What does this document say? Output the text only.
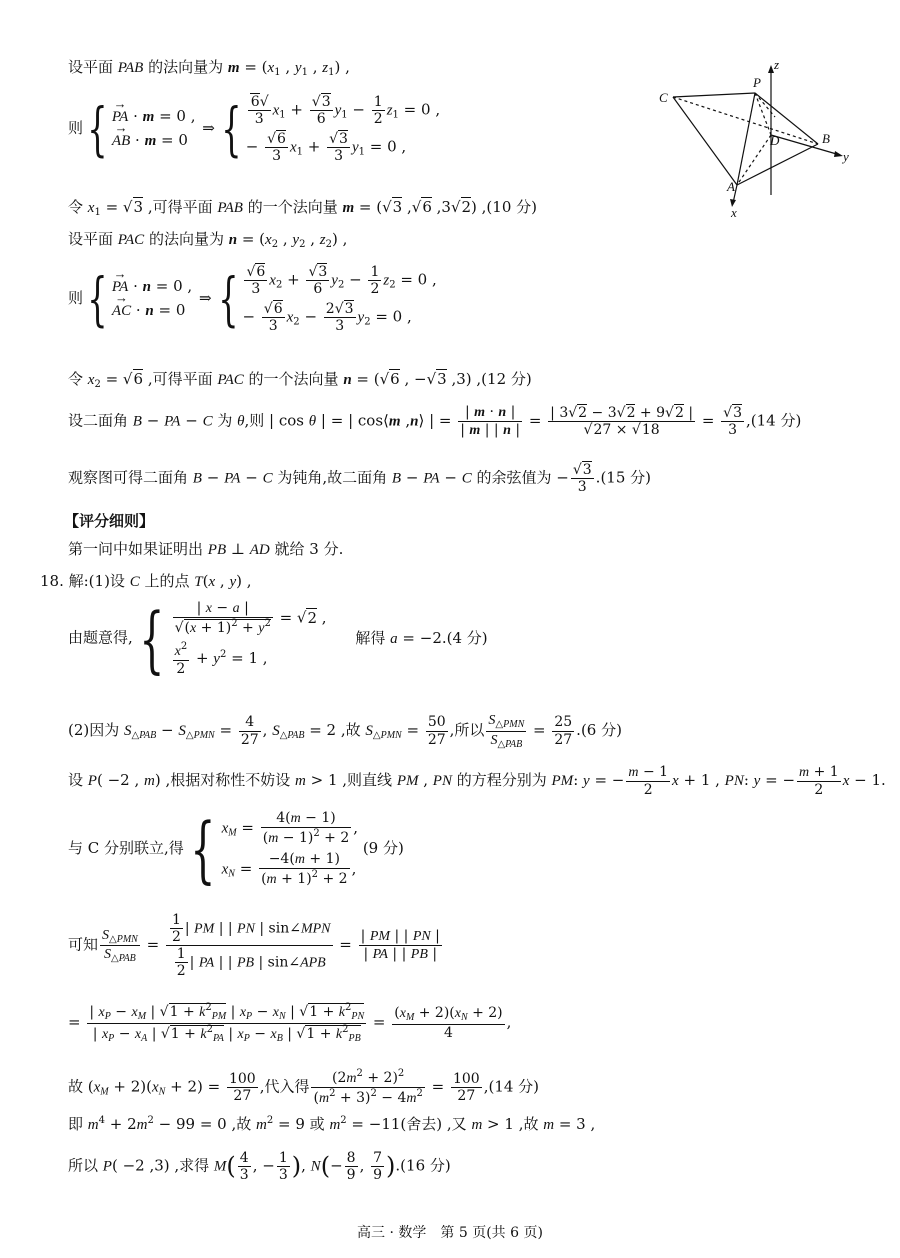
设平面 PAB 的法向量为 $m = (x_1$ , $y_1$ , $z_1$) ,
则{ → PA · m = 0 ,
→ AB · m = 0
⇒ { $\frac{6√}{3} x_1 + \frac{√3}{6} y_1 - \frac{1}{2} z_1 = 0$ ,
− $\frac{√6}{3} x_1 + \frac{√3}{3} y_1 = 0$ ,
令 $x_1 = √3$ ,可得平面 PAB 的一个法向量 m = (√3 ,√6 ,3√2) ,(10 分)
设平面 PAC 的法向量为 $n = (x_2$ , $y_2$ , $z_2$) ,
则{ → PA · n = 0 ,
→ AC · n = 0
⇒ { $\frac{√6}{3} x_2 + \frac{√3}{6} y_2 - \frac{1}{2} z_2 = 0$ ,
− $\frac{√6}{3} x_2 - \frac{2√3}{3} y_2 = 0$ ,
令 $x_2 = √6$ ,可得平面 PAC 的一个法向量 n = (√6 , −√3 ,3) ,(12 分)
设二面角 B − PA − C 为 θ,则 | cos θ | = | cos⟨m ,n⟩ | = $\frac{| m \cdot n |}{| m | | n |} = \frac{| 3√2 - 3√2 + 9√2 |}{√27 \times √18} = \frac{√3}{3} ,(14$ 分)
观察图可得二面角 B − PA − C 为钝角,故二面角 B − PA − C 的余弦值为 − $\frac{√3}{3} .(15$ 分)
【评分细则】
第一问中如果证明出 PB ⊥ AD 就给 3 分.
18. 解:(1)设 C 上的点 T(x , y) ,
由题意得,{ $\frac{| x - a |}{√(x + 1)^2 + y^2} = √2$ ,
$\frac{x^2}{2} + y^2 = 1$ ,
解得 a = −2.(4 分)
(2)因为 $S_{\triangle PAB} - S_{\triangle PMN} = \frac{4}{27}$ , $S_{\triangle PAB} = 2$ ,故 $S_{\triangle PMN} = \frac{50}{27}$ ,所以 $\frac{S_{\triangle PMN}}{S_{\triangle PAB}} = \frac{25}{27} .(6$ 分)
设 P( −2 , m) ,根据对称性不妨设 m > 1 ,则直线 PM , PN 的方程分别为 PM: y = − $\frac{m - 1}{2}$ x + 1 , PN: y = − $\frac{m + 1}{2}$ x − 1.
与 C 分别联立,得{ $x_M = \frac{4(m - 1)}{(m - 1)^2 + 2}$ ,
$x_N = \frac{-4(m + 1)}{(m + 1)^2 + 2}$ ,
(9 分)
可知 $\frac{S_{\triangle PMN}}{S_{\triangle PAB}} = \frac{\frac{1}{2} | PM | | PN | \sin\angle MPN}{\frac{1}{2} | PA | | PB | \sin\angle APB} = \frac{| PM | | PN |}{| PA | | PB |}$
= $\frac{| x_P - x_M | √1 + k^2_{PM} | x_P - x_N | √1 + k^2_{PN}}{| x_P - x_A | √1 + k^2_{PA} | x_P - x_B | √1 + k^2_{PB}} = \frac{(x_M + 2)(x_N + 2)}{4}$ ,
故 $(x_M + 2)(x_N + 2) = \frac{100}{27}$ ,代入得 $\frac{(2m^2 + 2)^2}{(m^2 + 3)^2 - 4m^2} = \frac{100}{27} ,(14$ 分)
即 $m^4 + 2m^2 - 99 = 0$ ,故 $m^2 = 9$ 或 $m^2 = -11$(舍去) ,又 m > 1 ,故 m = 3 ,
所以 P( −2 ,3) ,求得 $M( \frac{4}{3}$ , − $\frac{1}{3}$ ), $N(- \frac{8}{9}$ , $\frac{7}{9} ).(16$ 分)
C
P
z
B
D
y
A
x
高三 · 数学　第 5 页(共 6 页)
